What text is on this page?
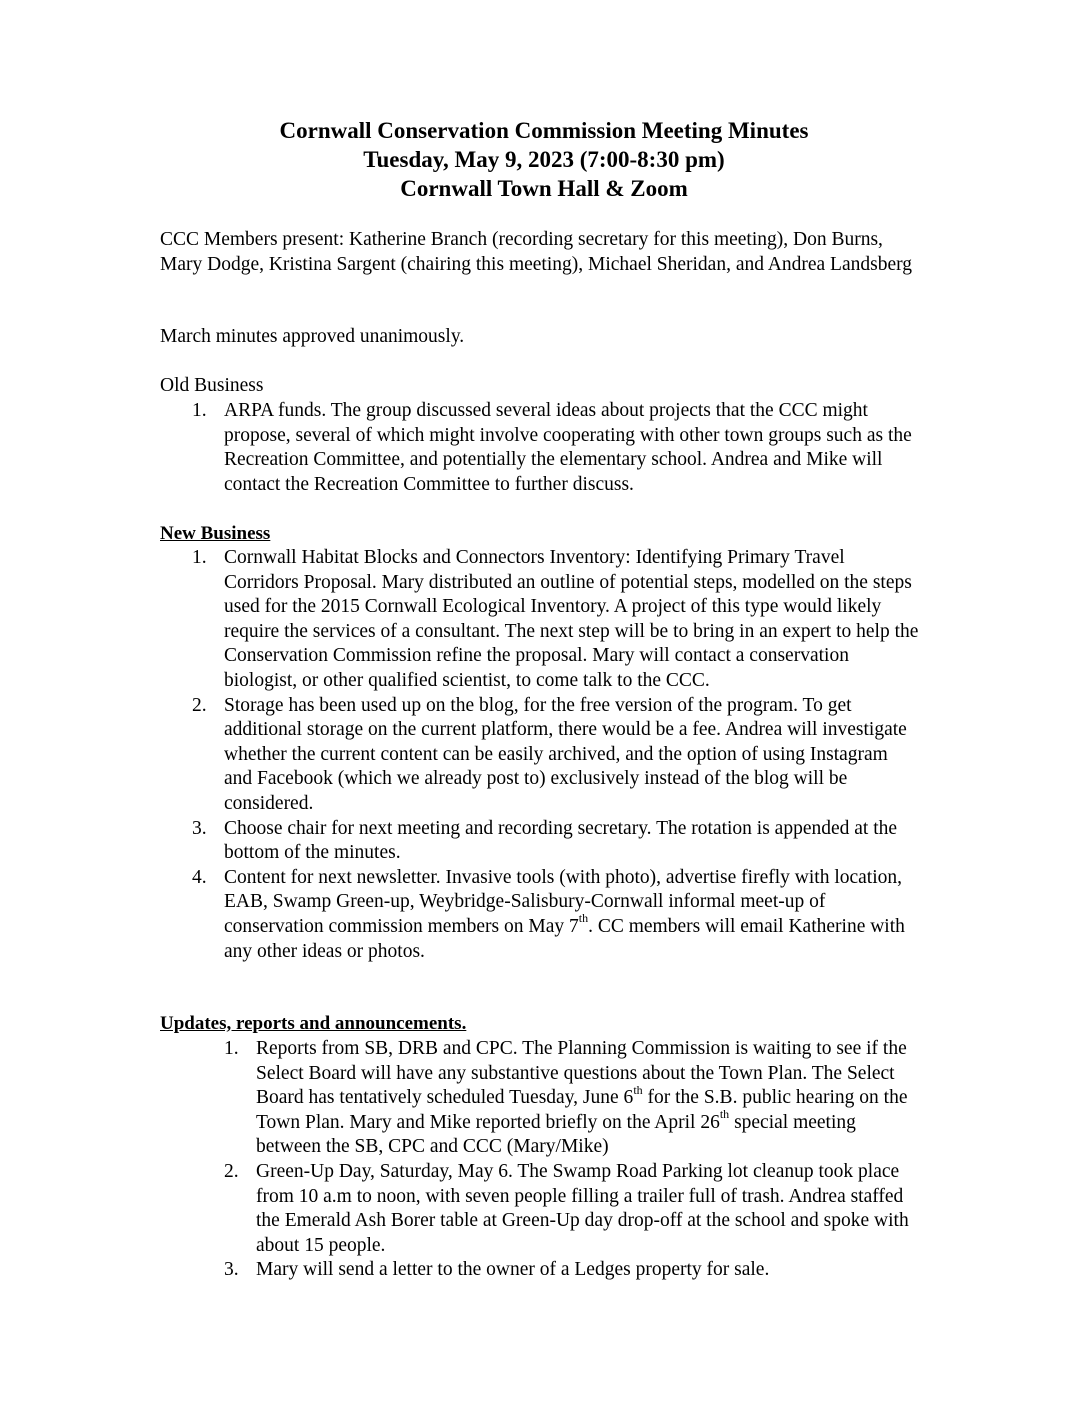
Cornwall Conservation Commission Meeting Minutes
Tuesday, May 9, 2023 (7:00-8:30 pm)
Cornwall Town Hall & Zoom
CCC Members present: Katherine Branch (recording secretary for this meeting), Don Burns, Mary Dodge, Kristina Sargent (chairing this meeting), Michael Sheridan, and Andrea Landsberg
March minutes approved unanimously.
Old Business
1. ARPA funds. The group discussed several ideas about projects that the CCC might propose, several of which might involve cooperating with other town groups such as the Recreation Committee, and potentially the elementary school. Andrea and Mike will contact the Recreation Committee to further discuss.
New Business
1. Cornwall Habitat Blocks and Connectors Inventory: Identifying Primary Travel Corridors Proposal. Mary distributed an outline of potential steps, modelled on the steps used for the 2015 Cornwall Ecological Inventory. A project of this type would likely require the services of a consultant. The next step will be to bring in an expert to help the Conservation Commission refine the proposal. Mary will contact a conservation biologist, or other qualified scientist, to come talk to the CCC.
2. Storage has been used up on the blog, for the free version of the program. To get additional storage on the current platform, there would be a fee. Andrea will investigate whether the current content can be easily archived, and the option of using Instagram and Facebook (which we already post to) exclusively instead of the blog will be considered.
3. Choose chair for next meeting and recording secretary. The rotation is appended at the bottom of the minutes.
4. Content for next newsletter. Invasive tools (with photo), advertise firefly with location, EAB, Swamp Green-up, Weybridge-Salisbury-Cornwall informal meet-up of conservation commission members on May 7th. CC members will email Katherine with any other ideas or photos.
Updates, reports and announcements.
1. Reports from SB, DRB and CPC. The Planning Commission is waiting to see if the Select Board will have any substantive questions about the Town Plan. The Select Board has tentatively scheduled Tuesday, June 6th for the S.B. public hearing on the Town Plan. Mary and Mike reported briefly on the April 26th special meeting between the SB, CPC and CCC (Mary/Mike)
2. Green-Up Day, Saturday, May 6. The Swamp Road Parking lot cleanup took place from 10 a.m to noon, with seven people filling a trailer full of trash. Andrea staffed the Emerald Ash Borer table at Green-Up day drop-off at the school and spoke with about 15 people.
3. Mary will send a letter to the owner of a Ledges property for sale.
